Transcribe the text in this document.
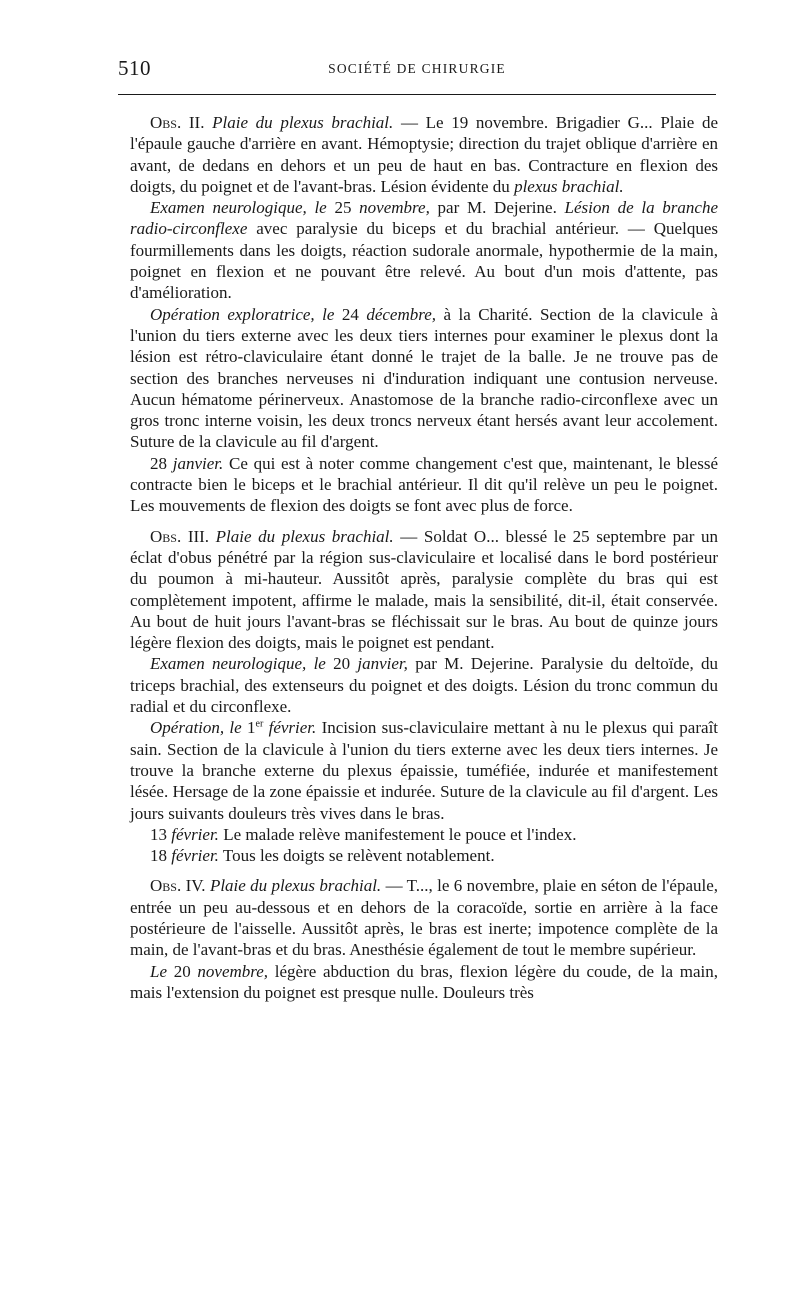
510	SOCIÉTÉ DE CHIRURGIE

Obs. II. Plaie du plexus brachial. — Le 19 novembre. Brigadier G... Plaie de l'épaule gauche d'arrière en avant. Hémoptysie; direction du trajet oblique d'arrière en avant, de dedans en dehors et un peu de haut en bas. Contracture en flexion des doigts, du poignet et de l'avant-bras. Lésion évidente du plexus brachial.

Examen neurologique, le 25 novembre, par M. Dejerine. Lésion de la branche radio-circonflexe avec paralysie du biceps et du brachial antérieur. — Quelques fourmillements dans les doigts, réaction sudorale anormale, hypothermie de la main, poignet en flexion et ne pouvant être relevé. Au bout d'un mois d'attente, pas d'amélioration.

Opération exploratrice, le 24 décembre, à la Charité. Section de la clavicule à l'union du tiers externe avec les deux tiers internes pour examiner le plexus dont la lésion est rétro-claviculaire étant donné le trajet de la balle. Je ne trouve pas de section des branches nerveuses ni d'induration indiquant une contusion nerveuse. Aucun hématome périnerveux. Anastomose de la branche radio-circonflexe avec un gros tronc interne voisin, les deux troncs nerveux étant hersés avant leur accolement. Suture de la clavicule au fil d'argent.

28 janvier. Ce qui est à noter comme changement c'est que, maintenant, le blessé contracte bien le biceps et le brachial antérieur. Il dit qu'il relève un peu le poignet. Les mouvements de flexion des doigts se font avec plus de force.

Obs. III. Plaie du plexus brachial. — Soldat O... blessé le 25 septembre par un éclat d'obus pénétré par la région sus-claviculaire et localisé dans le bord postérieur du poumon à mi-hauteur. Aussitôt après, paralysie complète du bras qui est complètement impotent, affirme le malade, mais la sensibilité, dit-il, était conservée. Au bout de huit jours l'avant-bras se fléchissait sur le bras. Au bout de quinze jours légère flexion des doigts, mais le poignet est pendant.

Examen neurologique, le 20 janvier, par M. Dejerine. Paralysie du deltoïde, du triceps brachial, des extenseurs du poignet et des doigts. Lésion du tronc commun du radial et du circonflexe.

Opération, le 1er février. Incision sus-claviculaire mettant à nu le plexus qui paraît sain. Section de la clavicule à l'union du tiers externe avec les deux tiers internes. Je trouve la branche externe du plexus épaissie, tuméfiée, indurée et manifestement lésée. Hersage de la zone épaissie et indurée. Suture de la clavicule au fil d'argent. Les jours suivants douleurs très vives dans le bras.

13 février. Le malade relève manifestement le pouce et l'index.

18 février. Tous les doigts se relèvent notablement.

Obs. IV. Plaie du plexus brachial. — T..., le 6 novembre, plaie en séton de l'épaule, entrée un peu au-dessous et en dehors de la coracoïde, sortie en arrière à la face postérieure de l'aisselle. Aussitôt après, le bras est inerte; impotence complète de la main, de l'avant-bras et du bras. Anesthésie également de tout le membre supérieur.

Le 20 novembre, légère abduction du bras, flexion légère du coude, de la main, mais l'extension du poignet est presque nulle. Douleurs très
